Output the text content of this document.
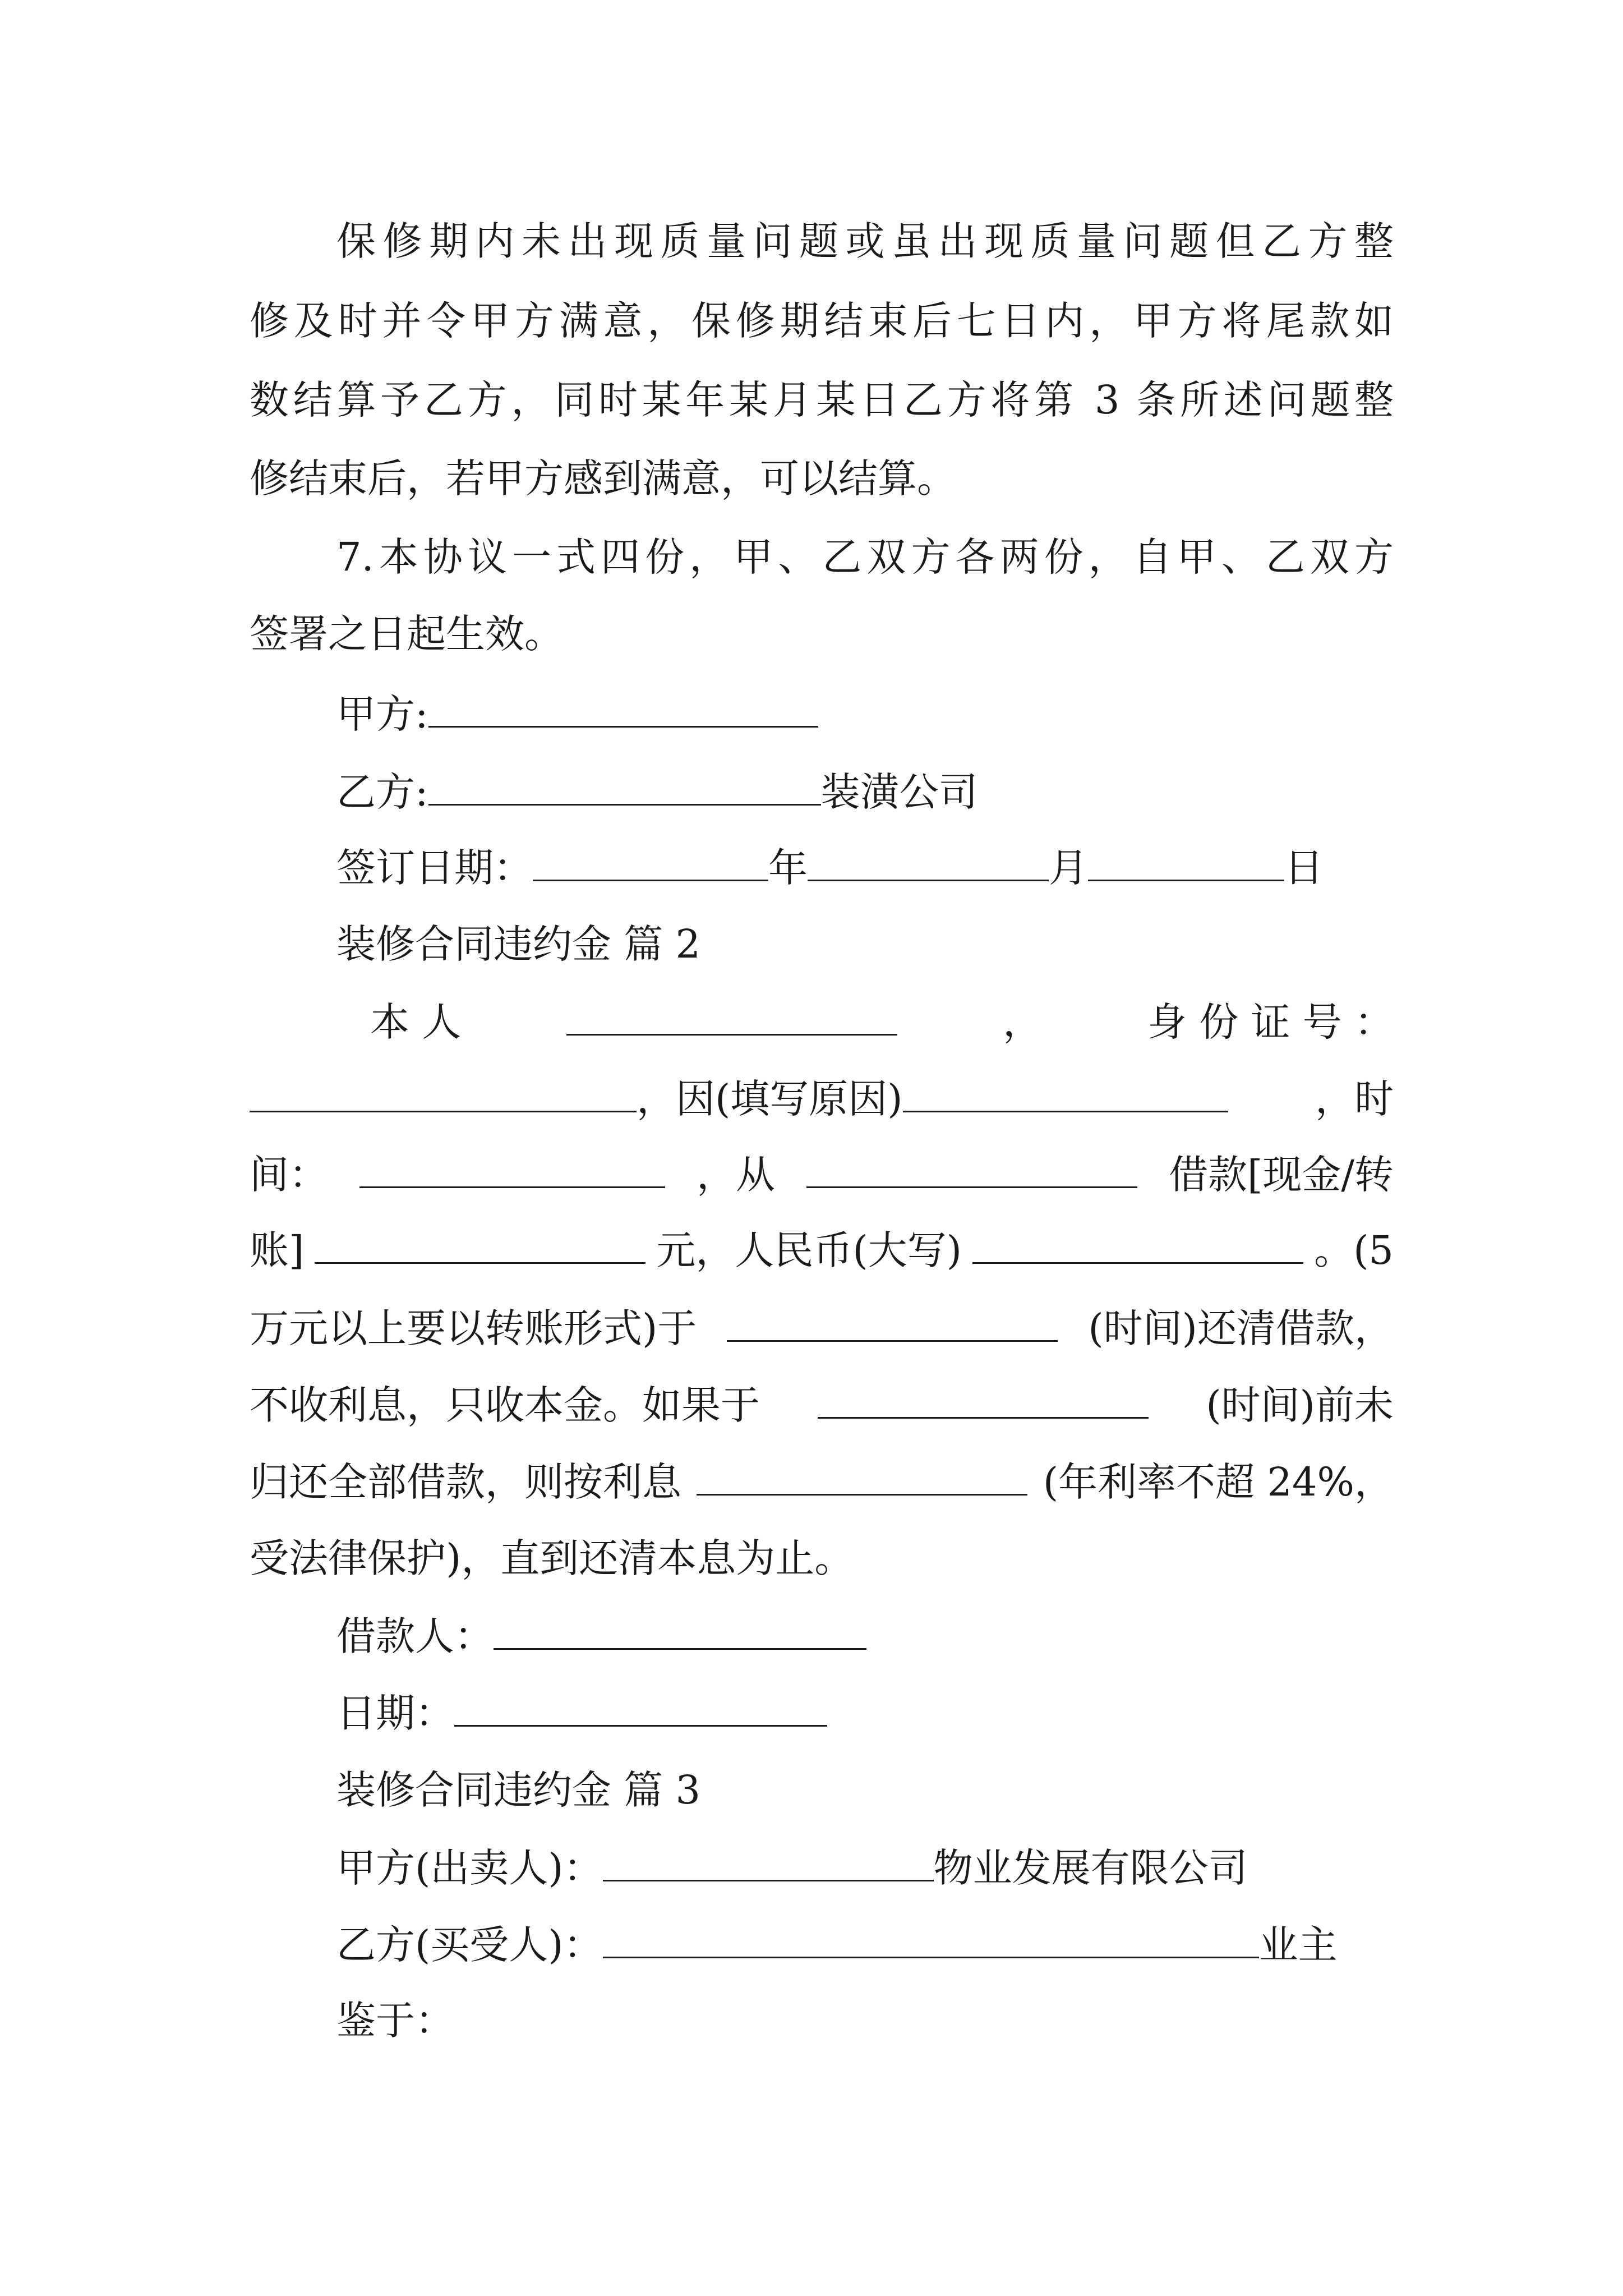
保修期内未出现质量问题或虽出现质量问题但乙方整
修及时并令甲方满意，保修期结束后七日内，甲方将尾款如
数结算予乙方，同时某年某月某日乙方将第 3 条所述问题整
修结束后，若甲方感到满意，可以结算。
7.本协议一式四份，甲、乙双方各两份，自甲、乙双方
签署之日起生效。
甲方:
乙方:	装潢公司
签订日期：	年	月	日
装修合同违约金 篇 2
本 人	，	身 份 证 号 ：
，因(填写原因)	，时
间：	，从	借款[现金/转
账]	元，人民币(大写)	。(5
万元以上要以转账形式)于	(时间)还清借款，
不收利息，只收本金。如果于	(时间)前未
归还全部借款，则按利息	(年利率不超 24%，
受法律保护)，直到还清本息为止。
借款人：
日期：
装修合同违约金 篇 3
甲方(出卖人)：	物业发展有限公司
乙方(买受人)：	业主
鉴于：
